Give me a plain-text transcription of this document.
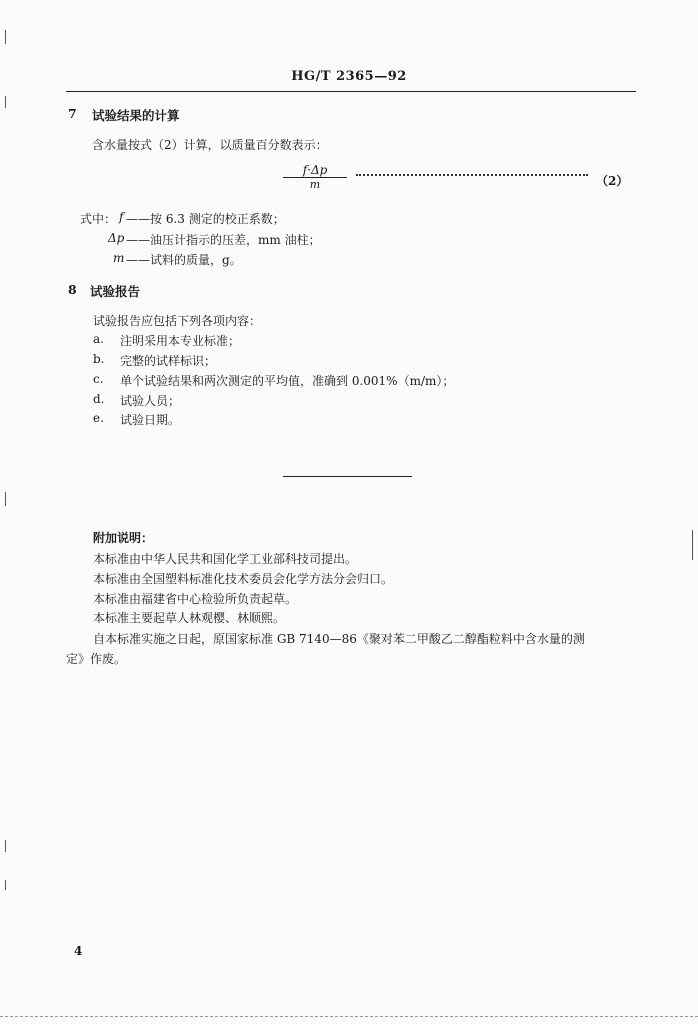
HG/T 2365—92
7 试验结果的计算
含水量按式（2）计算，以质量百分数表示：
f·Δp
m	（2）
式中： f ——按 6.3 测定的校正系数；
Δp ——油压计指示的压差，mm 油柱；
m ——试料的质量，g。
8 试验报告
试验报告应包括下列各项内容：
a. 注明采用本专业标准；
b. 完整的试样标识；
c. 单个试验结果和两次测定的平均值，准确到 0.001%（m/m）；
d. 试验人员；
e. 试验日期。
附加说明：
本标准由中华人民共和国化学工业部科技司提出。
本标准由全国塑料标准化技术委员会化学方法分会归口。
本标准由福建省中心检验所负责起草。
本标准主要起草人林观樱、林顺熙。
自本标准实施之日起，原国家标准 GB 7140—86《聚对苯二甲酸乙二醇酯粒料中含水量的测
定》作废。
4
